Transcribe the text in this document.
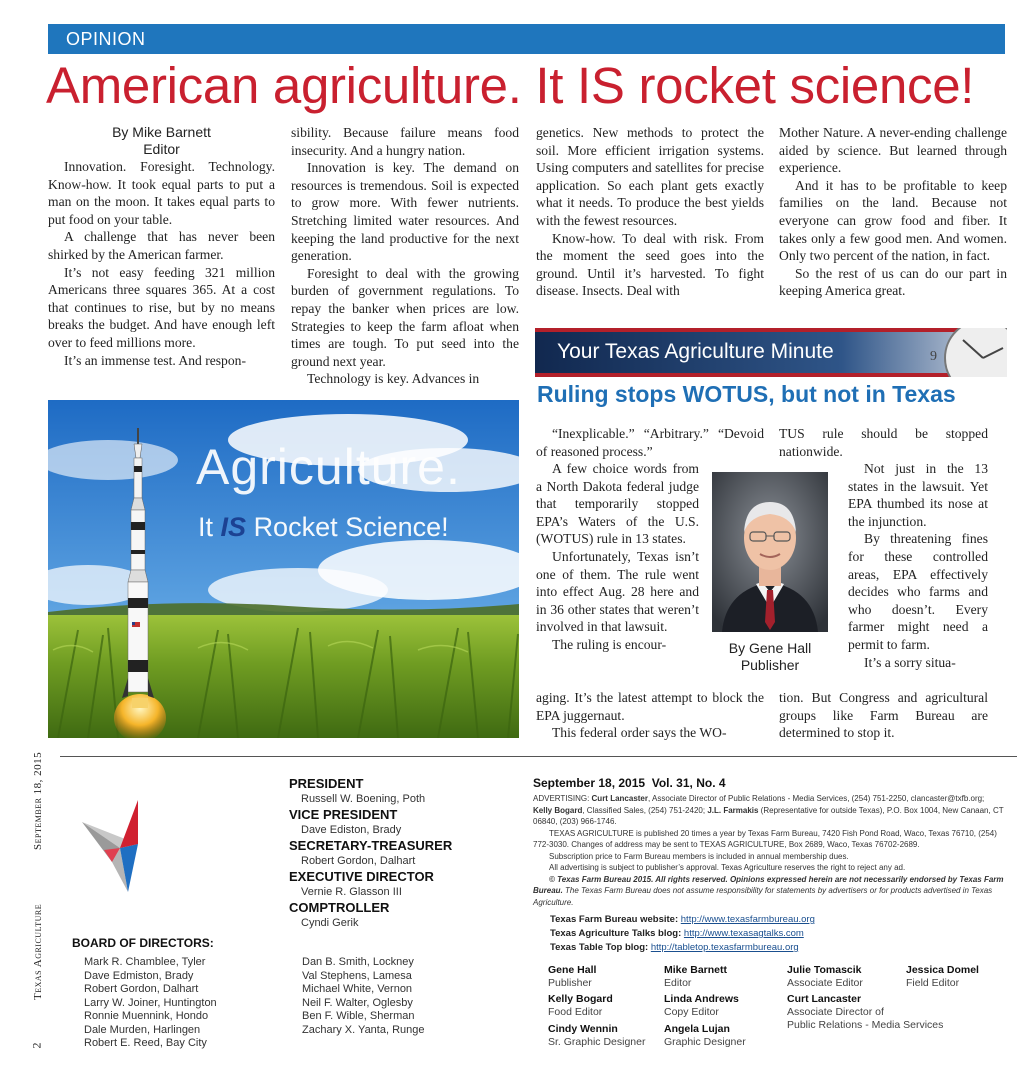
OPINION
American agriculture. It IS rocket science!
By Mike Barnett
Editor

Innovation. Foresight. Technology. Know-how. It took equal parts to put a man on the moon. It takes equal parts to put food on your table.

A challenge that has never been shirked by the American farmer.

It’s not easy feeding 321 million Americans three squares 365. At a cost that continues to rise, but by no means breaks the budget. And have enough left over to feed millions more.

It’s an immense test. And respon-

sibility. Because failure means food insecurity. And a hungry nation.

Innovation is key. The demand on resources is tremendous. Soil is expected to grow more. With fewer nutrients. Stretching limited water resources. And keeping the land productive for the next generation.

Foresight to deal with the growing burden of government regulations. To repay the banker when prices are low. Strategies to keep the farm afloat when times are tough. To put seed into the ground next year.

Technology is key. Advances in

genetics. New methods to protect the soil. More efficient irrigation systems. Using computers and satellites for precise application. So each plant gets exactly what it needs. To produce the best yields with the fewest resources.

Know-how. To deal with risk. From the moment the seed goes into the ground. Until it’s harvested. To fight disease. Insects. Deal with

Mother Nature. A never-ending challenge aided by science. But learned through experience.

And it has to be profitable to keep families on the land. Because not everyone can grow food and fiber. It takes only a few good men. And women. Only two percent of the nation, in fact.

So the rest of us can do our part in keeping America great.

Agriculture.
It IS Rocket Science!
9
Your Texas Agriculture Minute
Ruling stops WOTUS, but not in Texas

“Inexplicable.” “Arbitrary.” “Devoid of reasoned process.”

A few choice words from a North Dakota federal judge that temporarily stopped EPA’s Waters of the U.S. (WOTUS) rule in 13 states.

Unfortunately, Texas isn’t one of them. The rule went into effect Aug. 28 here and in 36 other states that weren’t involved in that lawsuit.

The ruling is encour-

aging. It’s the latest attempt to block the EPA juggernaut.

This federal order says the WO-

By Gene Hall
Publisher

TUS rule should be stopped nationwide.

Not just in the 13 states in the lawsuit. Yet EPA thumbed its nose at the injunction.

By threatening fines for these controlled areas, EPA effectively decides who farms and who doesn’t. Every farmer might need a permit to farm.

It’s a sorry situa-

tion. But Congress and agricultural groups like Farm Bureau are determined to stop it.

September 18, 2015
Texas Agriculture
2
PRESIDENT
Russell W. Boening, Poth
VICE PRESIDENT
Dave Ediston, Brady
SECRETARY-TREASURER
Robert Gordon, Dalhart
EXECUTIVE DIRECTOR
Vernie R. Glasson III
COMPTROLLER
Cyndi Gerik
BOARD OF DIRECTORS:
Mark R. Chamblee, Tyler
Dave Edmiston, Brady
Robert Gordon, Dalhart
Larry W. Joiner, Huntington
Ronnie Muennink, Hondo
Dale Murden, Harlingen
Robert E. Reed, Bay City
Dan B. Smith, Lockney
Val Stephens, Lamesa
Michael White, Vernon
Neil F. Walter, Oglesby
Ben F. Wible, Sherman
Zachary X. Yanta, Runge
September 18, 2015  Vol. 31, No. 4

ADVERTISING: Curt Lancaster, Associate Director of Public Relations - Media Services, (254) 751-2250, clancaster@txfb.org; Kelly Bogard, Classified Sales, (254) 751-2420; J.L. Farmakis (Representative for outside Texas), P.O. Box 1004, New Canaan, CT 06840, (203) 966-1746.

TEXAS AGRICULTURE is published 20 times a year by Texas Farm Bureau, 7420 Fish Pond Road, Waco, Texas 76710, (254) 772-3030. Changes of address may be sent to TEXAS AGRICULTURE, Box 2689, Waco, Texas 76702-2689.

Subscription price to Farm Bureau members is included in annual membership dues.

All advertising is subject to publisher’s approval. Texas Agriculture reserves the right to reject any ad.

© Texas Farm Bureau 2015. All rights reserved. Opinions expressed herein are not necessarily endorsed by Texas Farm Bureau. The Texas Farm Bureau does not assume responsibility for statements by advertisers or for products advertised in Texas Agriculture.

Texas Farm Bureau website: http://www.texasfarmbureau.org
Texas Agriculture Talks blog: http://www.texasagtalks.com
Texas Table Top blog: http://tabletop.texasfarmbureau.org
Gene Hall
Publisher
Mike Barnett
Editor
Julie Tomascik
Associate Editor
Jessica Domel
Field Editor
Kelly Bogard
Food Editor
Linda Andrews
Copy Editor
Curt Lancaster
Associate Director of
Public Relations - Media Services
Cindy Wennin
Sr. Graphic Designer
Angela Lujan
Graphic Designer
